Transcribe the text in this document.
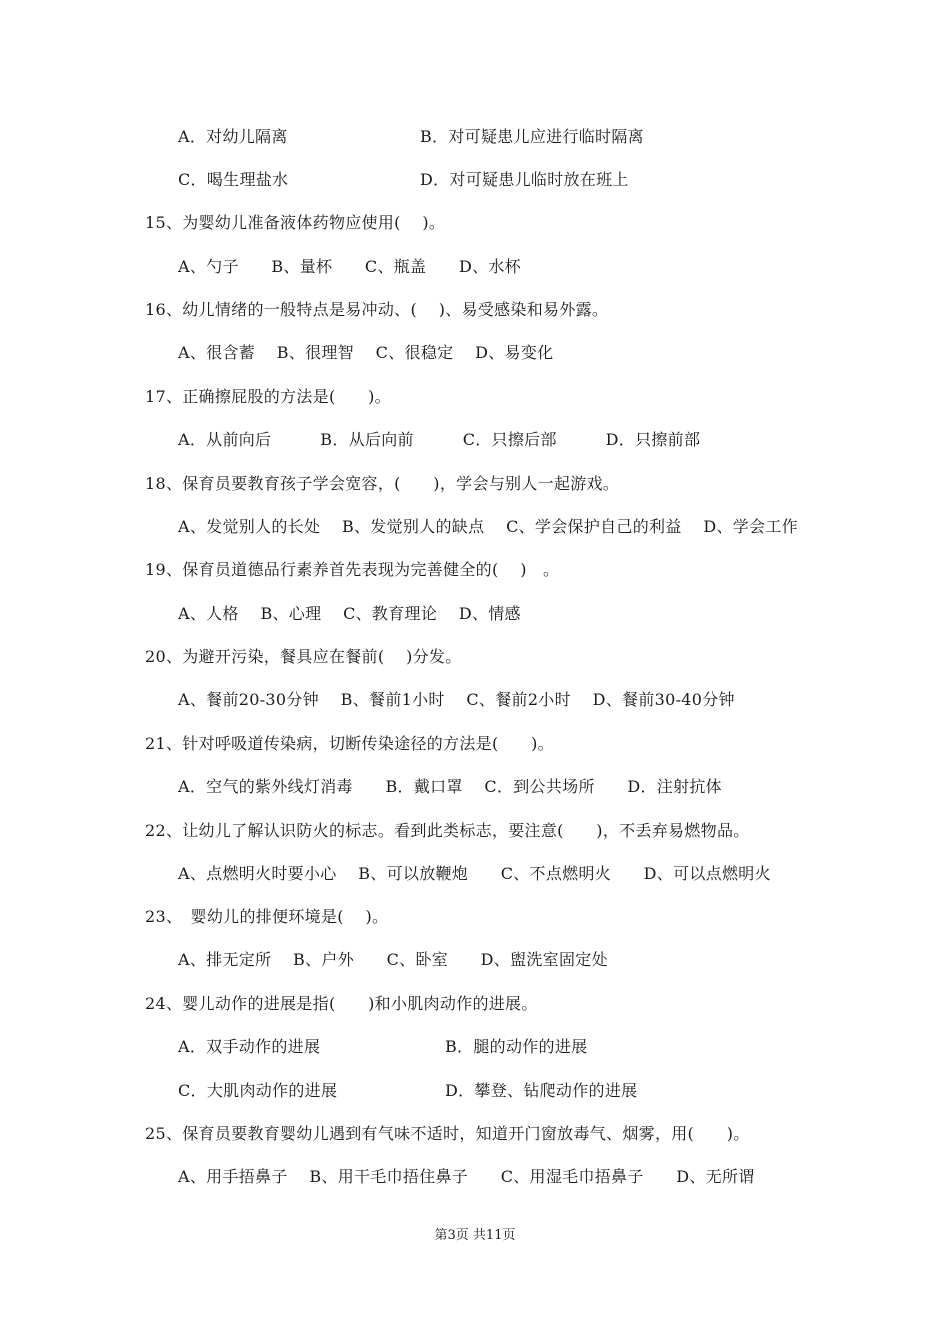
A．对幼儿隔离	B．对可疑患儿应进行临时隔离
C．喝生理盐水	D．对可疑患儿临时放在班上
15、为婴幼儿准备液体药物应使用(　 )。
A、勺子　　B、量杯　　C、瓶盖　　D、水杯
16、幼儿情绪的一般特点是易冲动、(　 )、易受感染和易外露。
A、很含蓄　 B、很理智　 C、很稳定　 D、易变化
17、正确擦屁股的方法是(　　)。
A．从前向后　　　B．从后向前　　　C．只擦后部　　　D．只擦前部
18、保育员要教育孩子学会宽容，(　　)，学会与别人一起游戏。
A、发觉别人的长处　 B、发觉别人的缺点　 C、学会保护自己的利益　 D、学会工作
19、保育员道德品行素养首先表现为完善健全的(　 )　。
A、人格　 B、心理　 C、教育理论　 D、情感
20、为避开污染，餐具应在餐前(　 )分发。
A、餐前20-30分钟　 B、餐前1小时　 C、餐前2小时　 D、餐前30-40分钟
21、针对呼吸道传染病，切断传染途径的方法是(　　)。
A．空气的紫外线灯消毒　　B．戴口罩　 C．到公共场所　　D．注射抗体
22、让幼儿了解认识防火的标志。看到此类标志，要注意(　　)，不丢弃易燃物品。
A、点燃明火时要小心　 B、可以放鞭炮　　C、不点燃明火　　D、可以点燃明火
23、　婴幼儿的排便环境是(　 )。
A、排无定所　 B、户外　　C、卧室　　D、盥洗室固定处
24、婴儿动作的进展是指(　　)和小肌肉动作的进展。
A．双手动作的进展	B．腿的动作的进展
C．大肌肉动作的进展	D．攀登、钻爬动作的进展
25、保育员要教育婴幼儿遇到有气味不适时，知道开门窗放毒气、烟雾，用(　　)。
A、用手捂鼻子　 B、用干毛巾捂住鼻子　　C、用湿毛巾捂鼻子　　D、无所谓
第3页 共11页
